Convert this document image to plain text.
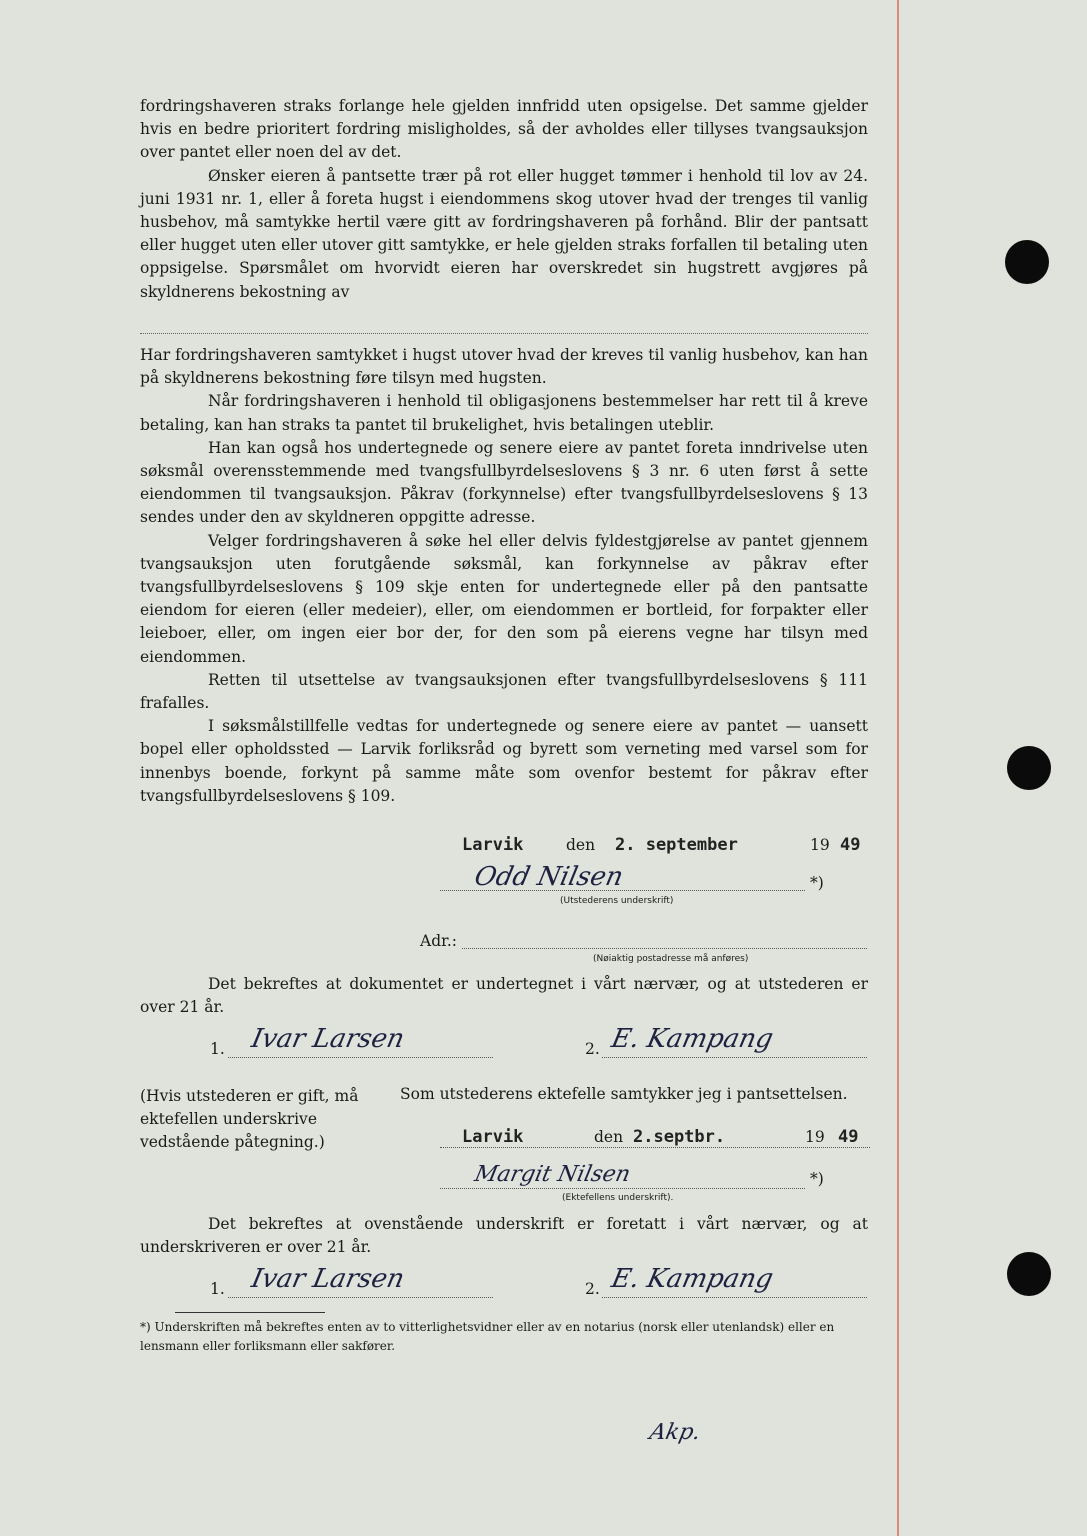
fordringshaveren straks forlange hele gjelden innfridd uten opsigelse. Det samme gjelder hvis en bedre prioritert fordring misligholdes, så der avholdes eller tillyses tvangsauksjon over pantet eller noen del av det.

Ønsker eieren å pantsette trær på rot eller hugget tømmer i henhold til lov av 24. juni 1931 nr. 1, eller å foreta hugst i eiendommens skog utover hvad der trenges til vanlig husbehov, må samtykke hertil være gitt av fordringshaveren på forhånd. Blir der pantsatt eller hugget uten eller utover gitt samtykke, er hele gjelden straks forfallen til betaling uten oppsigelse. Spørsmålet om hvorvidt eieren har overskredet sin hugstrett avgjøres på skyldnerens bekostning av

Har fordringshaveren samtykket i hugst utover hvad der kreves til vanlig husbehov, kan han på skyldnerens bekostning føre tilsyn med hugsten.

Når fordringshaveren i henhold til obligasjonens bestemmelser har rett til å kreve betaling, kan han straks ta pantet til brukelighet, hvis betalingen uteblir.

Han kan også hos undertegnede og senere eiere av pantet foreta inndrivelse uten søksmål overensstemmende med tvangsfullbyrdelseslovens § 3 nr. 6 uten først å sette eiendommen til tvangsauksjon. Påkrav (forkynnelse) efter tvangsfullbyrdelseslovens § 13 sendes under den av skyldneren oppgitte adresse.

Velger fordringshaveren å søke hel eller delvis fyldestgjørelse av pantet gjennem tvangsauksjon uten forutgående søksmål, kan forkynnelse av påkrav efter tvangsfullbyrdelseslovens § 109 skje enten for undertegnede eller på den pantsatte eiendom for eieren (eller medeier), eller, om eiendommen er bortleid, for forpakter eller leieboer, eller, om ingen eier bor der, for den som på eierens vegne har tilsyn med eiendommen.

Retten til utsettelse av tvangsauksjonen efter tvangsfullbyrdelseslovens § 111 frafalles.

I søksmålstillfelle vedtas for undertegnede og senere eiere av pantet — uansett bopel eller opholdssted — Larvik forliksråd og byrett som verneting med varsel som for innenbys boende, forkynt på samme måte som ovenfor bestemt for påkrav efter tvangsfullbyrdelseslovens § 109.

Larvik	den 2. september	19 49
Odd Nilsen	*)
(Utstederens underskrift)
Adr.:
(Nøiaktig postadresse må anføres)

Det bekreftes at dokumentet er undertegnet i vårt nærvær, og at utstederen er over 21 år.

1. Ivar Larsen	2. E. Kampang
(Hvis utstederen er gift, må ektefellen underskrive vedstående påtegning.)
Som utstederens ektefelle samtykker jeg i pantsettelsen.
Larvik	den 2.septbr.	19 49
Margit Nilsen	*)
(Ektefellens underskrift).

Det bekreftes at ovenstående underskrift er foretatt i vårt nærvær, og at underskriveren er over 21 år.

1. Ivar Larsen	2. E. Kampang
*) Underskriften må bekreftes enten av to vitterlighetsvidner eller av en notarius (norsk eller utenlandsk) eller en lensmann eller forliksmann eller sakfører.
Akp.
